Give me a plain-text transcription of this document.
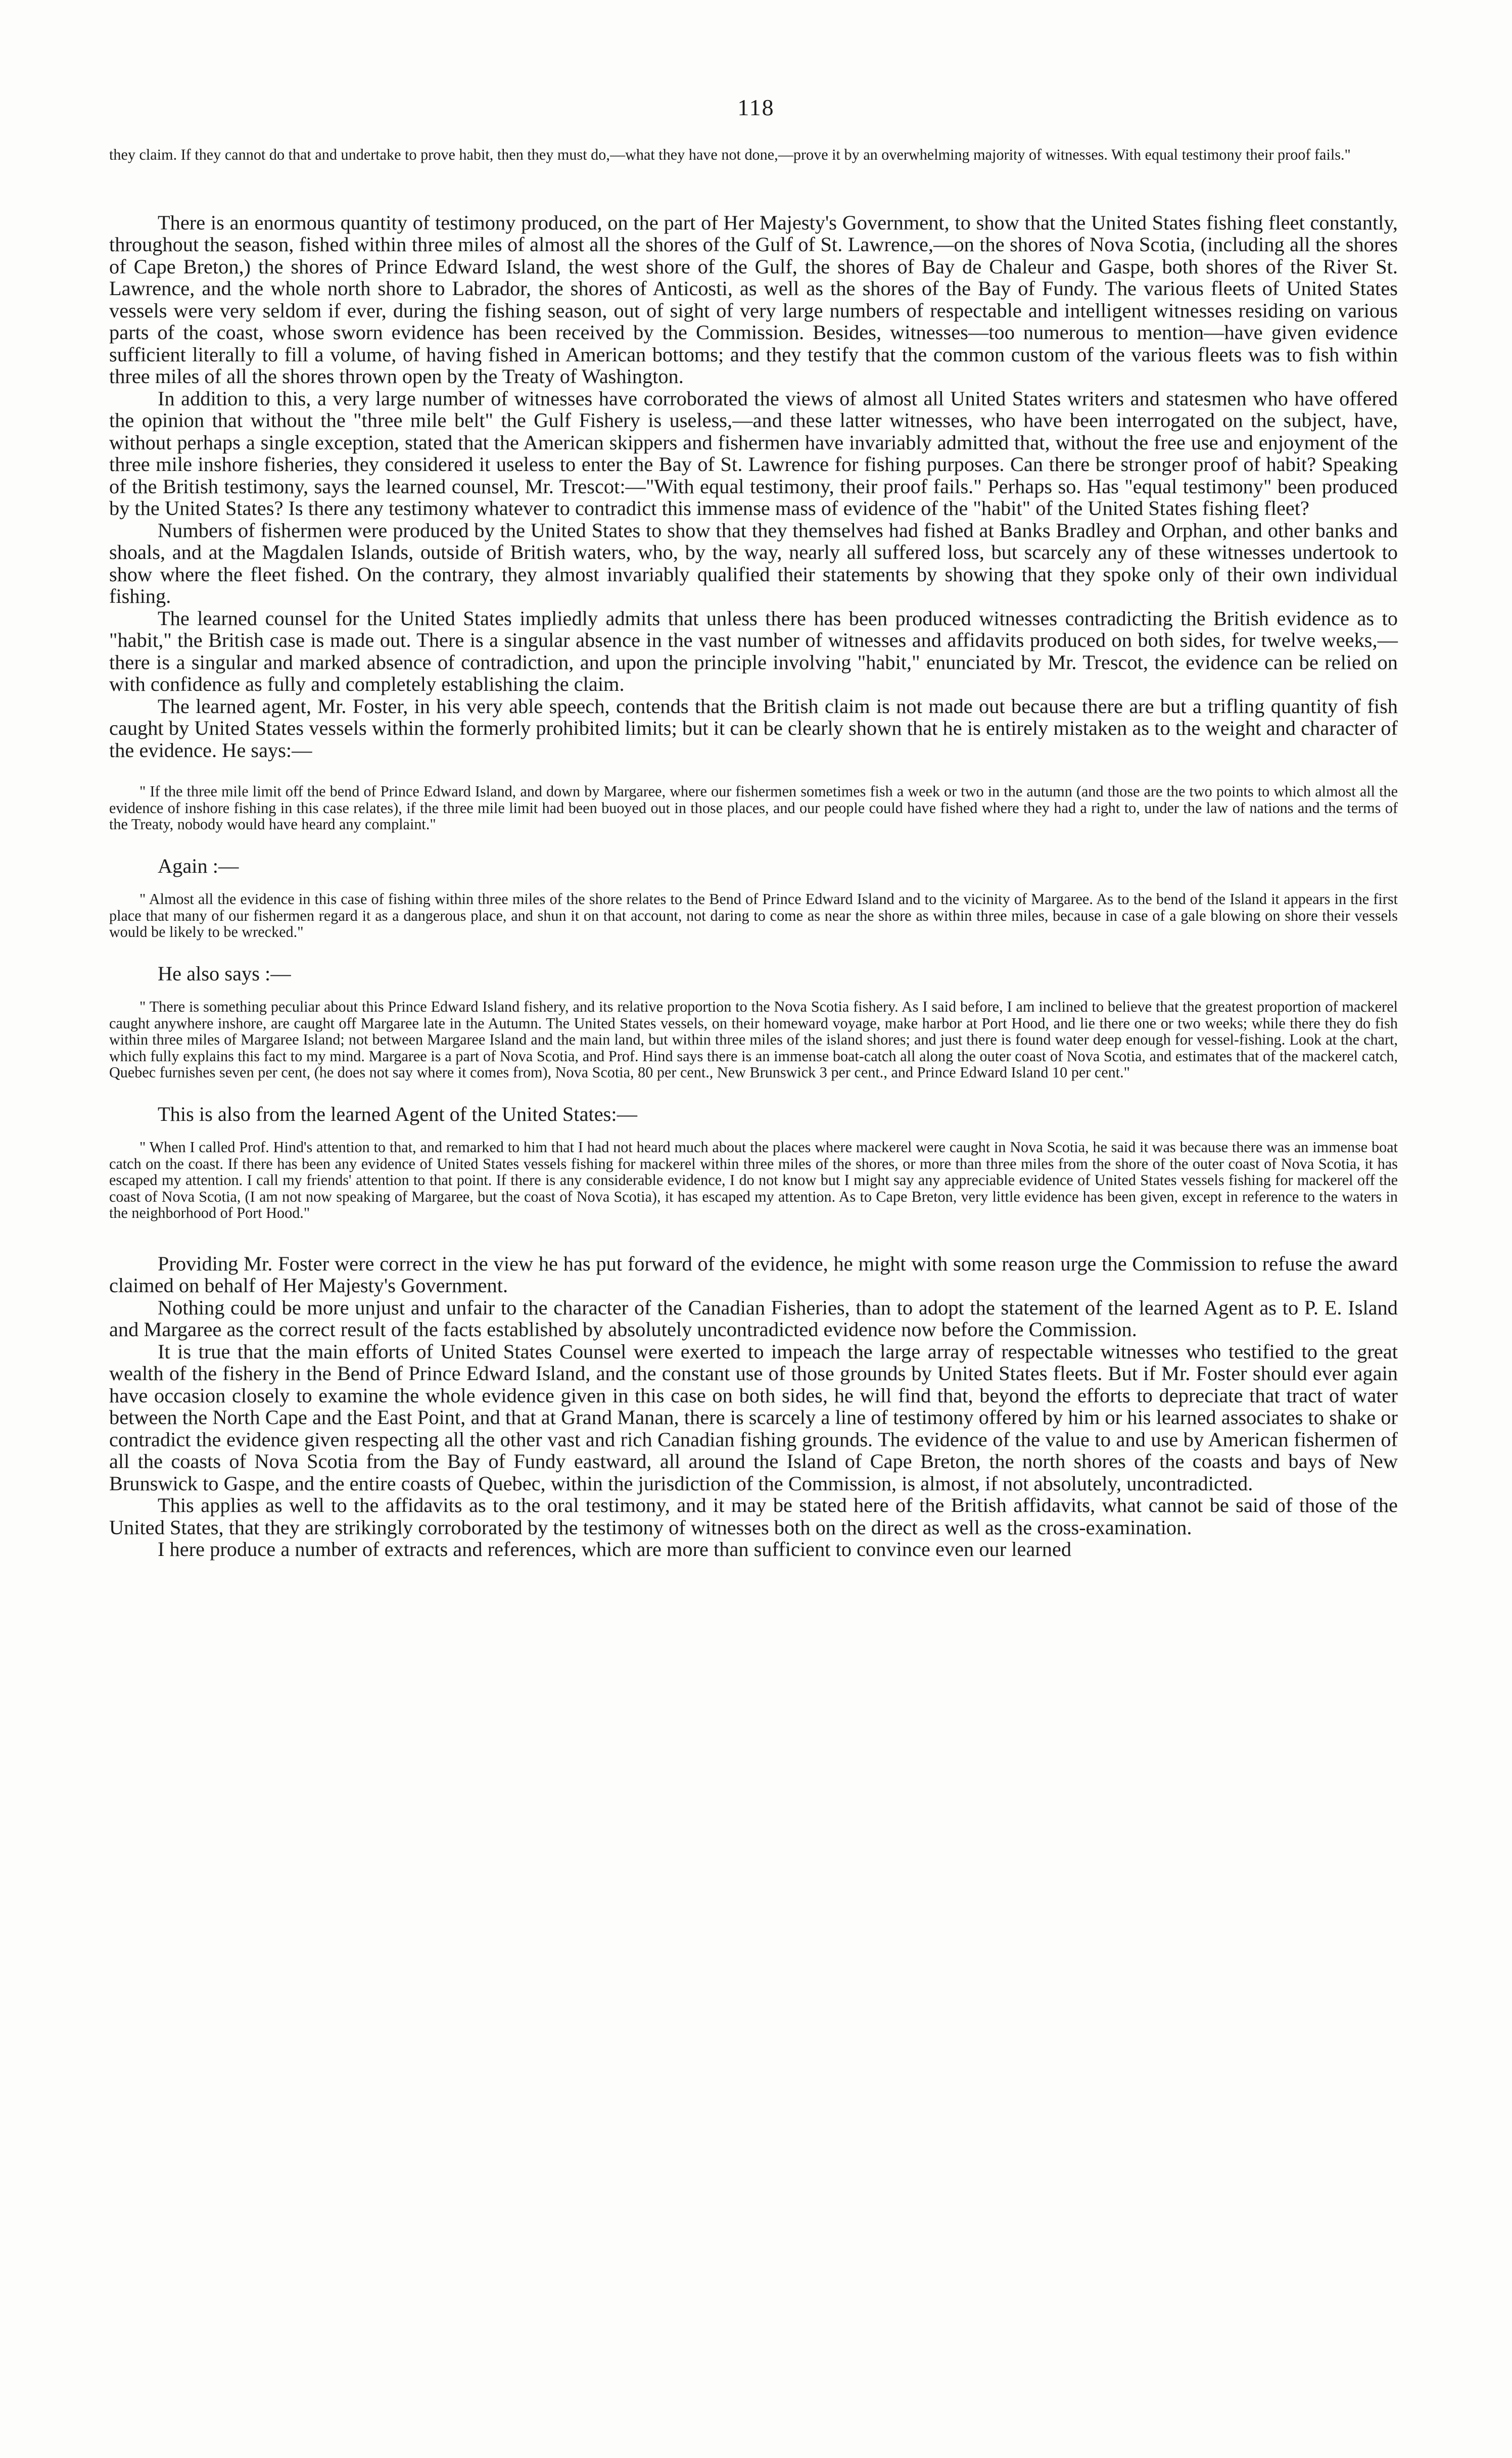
118

they claim. If they cannot do that and undertake to prove habit, then they must do,—what they have not done,—prove it by an overwhelming majority of witnesses. With equal testimony their proof fails."

There is an enormous quantity of testimony produced, on the part of Her Majesty's Government, to show that the United States fishing fleet constantly, throughout the season, fished within three miles of almost all the shores of the Gulf of St. Lawrence,—on the shores of Nova Scotia, (including all the shores of Cape Breton,) the shores of Prince Edward Island, the west shore of the Gulf, the shores of Bay de Chaleur and Gaspe, both shores of the River St. Lawrence, and the whole north shore to Labrador, the shores of Anticosti, as well as the shores of the Bay of Fundy. The various fleets of United States vessels were very seldom if ever, during the fishing season, out of sight of very large numbers of respectable and intelligent witnesses residing on various parts of the coast, whose sworn evidence has been received by the Commission. Besides, witnesses—too numerous to mention—have given evidence sufficient literally to fill a volume, of having fished in American bottoms; and they testify that the common custom of the various fleets was to fish within three miles of all the shores thrown open by the Treaty of Washington.

In addition to this, a very large number of witnesses have corroborated the views of almost all United States writers and statesmen who have offered the opinion that without the "three mile belt" the Gulf Fishery is useless,—and these latter witnesses, who have been interrogated on the subject, have, without perhaps a single exception, stated that the American skippers and fishermen have invariably admitted that, without the free use and enjoyment of the three mile inshore fisheries, they considered it useless to enter the Bay of St. Lawrence for fishing purposes. Can there be stronger proof of habit? Speaking of the British testimony, says the learned counsel, Mr. Trescot:—"With equal testimony, their proof fails." Perhaps so. Has "equal testimony" been produced by the United States? Is there any testimony whatever to contradict this immense mass of evidence of the "habit" of the United States fishing fleet?

Numbers of fishermen were produced by the United States to show that they themselves had fished at Banks Bradley and Orphan, and other banks and shoals, and at the Magdalen Islands, outside of British waters, who, by the way, nearly all suffered loss, but scarcely any of these witnesses undertook to show where the fleet fished. On the contrary, they almost invariably qualified their statements by showing that they spoke only of their own individual fishing.

The learned counsel for the United States impliedly admits that unless there has been produced witnesses contradicting the British evidence as to "habit," the British case is made out. There is a singular absence in the vast number of witnesses and affidavits produced on both sides, for twelve weeks,—there is a singular and marked absence of contradiction, and upon the principle involving "habit," enunciated by Mr. Trescot, the evidence can be relied on with confidence as fully and completely establishing the claim.

The learned agent, Mr. Foster, in his very able speech, contends that the British claim is not made out because there are but a trifling quantity of fish caught by United States vessels within the formerly prohibited limits; but it can be clearly shown that he is entirely mistaken as to the weight and character of the evidence. He says:—

" If the three mile limit off the bend of Prince Edward Island, and down by Margaree, where our fishermen sometimes fish a week or two in the autumn (and those are the two points to which almost all the evidence of inshore fishing in this case relates), if the three mile limit had been buoyed out in those places, and our people could have fished where they had a right to, under the law of nations and the terms of the Treaty, nobody would have heard any complaint."

Again :—

" Almost all the evidence in this case of fishing within three miles of the shore relates to the Bend of Prince Edward Island and to the vicinity of Margaree. As to the bend of the Island it appears in the first place that many of our fishermen regard it as a dangerous place, and shun it on that account, not daring to come as near the shore as within three miles, because in case of a gale blowing on shore their vessels would be likely to be wrecked."

He also says :—

" There is something peculiar about this Prince Edward Island fishery, and its relative proportion to the Nova Scotia fishery. As I said before, I am inclined to believe that the greatest proportion of mackerel caught anywhere inshore, are caught off Margaree late in the Autumn. The United States vessels, on their homeward voyage, make harbor at Port Hood, and lie there one or two weeks; while there they do fish within three miles of Margaree Island; not between Margaree Island and the main land, but within three miles of the island shores; and just there is found water deep enough for vessel-fishing. Look at the chart, which fully explains this fact to my mind. Margaree is a part of Nova Scotia, and Prof. Hind says there is an immense boat-catch all along the outer coast of Nova Scotia, and estimates that of the mackerel catch, Quebec furnishes seven per cent, (he does not say where it comes from), Nova Scotia, 80 per cent., New Brunswick 3 per cent., and Prince Edward Island 10 per cent."

This is also from the learned Agent of the United States:—

" When I called Prof. Hind's attention to that, and remarked to him that I had not heard much about the places where mackerel were caught in Nova Scotia, he said it was because there was an immense boat catch on the coast. If there has been any evidence of United States vessels fishing for mackerel within three miles of the shores, or more than three miles from the shore of the outer coast of Nova Scotia, it has escaped my attention. I call my friends' attention to that point. If there is any considerable evidence, I do not know but I might say any appreciable evidence of United States vessels fishing for mackerel off the coast of Nova Scotia, (I am not now speaking of Margaree, but the coast of Nova Scotia), it has escaped my attention. As to Cape Breton, very little evidence has been given, except in reference to the waters in the neighborhood of Port Hood."

Providing Mr. Foster were correct in the view he has put forward of the evidence, he might with some reason urge the Commission to refuse the award claimed on behalf of Her Majesty's Government.

Nothing could be more unjust and unfair to the character of the Canadian Fisheries, than to adopt the statement of the learned Agent as to P. E. Island and Margaree as the correct result of the facts established by absolutely uncontradicted evidence now before the Commission.

It is true that the main efforts of United States Counsel were exerted to impeach the large array of respectable witnesses who testified to the great wealth of the fishery in the Bend of Prince Edward Island, and the constant use of those grounds by United States fleets. But if Mr. Foster should ever again have occasion closely to examine the whole evidence given in this case on both sides, he will find that, beyond the efforts to depreciate that tract of water between the North Cape and the East Point, and that at Grand Manan, there is scarcely a line of testimony offered by him or his learned associates to shake or contradict the evidence given respecting all the other vast and rich Canadian fishing grounds. The evidence of the value to and use by American fishermen of all the coasts of Nova Scotia from the Bay of Fundy eastward, all around the Island of Cape Breton, the north shores of the coasts and bays of New Brunswick to Gaspe, and the entire coasts of Quebec, within the jurisdiction of the Commission, is almost, if not absolutely, uncontradicted.

This applies as well to the affidavits as to the oral testimony, and it may be stated here of the British affidavits, what cannot be said of those of the United States, that they are strikingly corroborated by the testimony of witnesses both on the direct as well as the cross-examination.

I here produce a number of extracts and references, which are more than sufficient to convince even our learned
